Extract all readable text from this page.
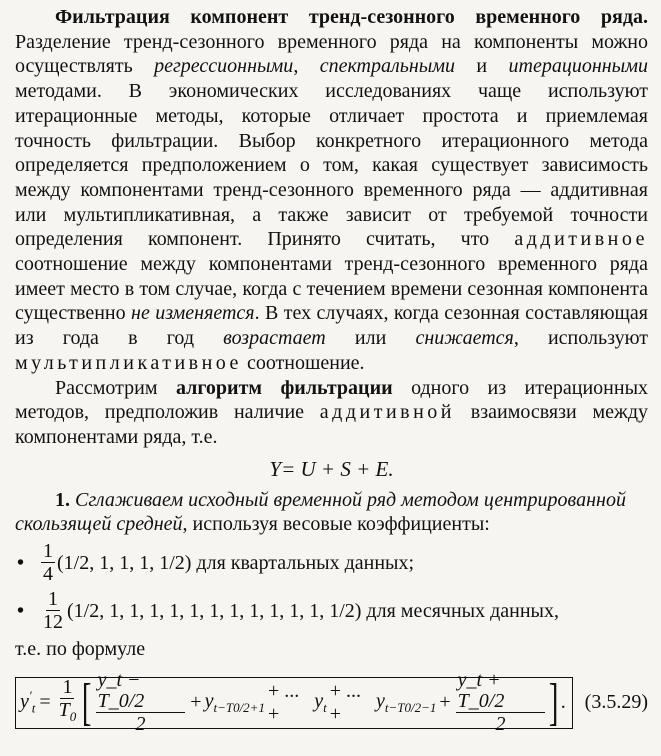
Фильтрация компонент тренд-сезонного временного ряда. Разделение тренд-сезонного временного ряда на компоненты можно осуществлять регрессионными, спектральными и итерационными методами. В экономических исследованиях чаще используют итерационные методы, которые отличает простота и приемлемая точность фильтрации. Выбор конкретного итерационного метода определяется предположением о том, какая существует зависимость между компонентами тренд-сезонного временного ряда — аддитивная или мультипликативная, а также зависит от требуемой точности определения компонент. Принято считать, что аддитивное соотношение между компонентами тренд-сезонного временного ряда имеет место в том случае, когда с течением времени сезонная компонента существенно не изменяется. В тех случаях, когда сезонная составляющая из года в год возрастает или снижается, используют мультипликативное соотношение.

Рассмотрим алгоритм фильтрации одного из итерационных методов, предположив наличие аддитивной взаимосвязи между компонентами ряда, т.е.

Y= U + S + E.

1. Сглаживаем исходный временной ряд методом центрированной скользящей средней, используя весовые коэффициенты:

• $\frac{1}{4} (1/2$, 1, 1, 1, 1/2) для квартальных данных;
• $\frac{1}{12} (1/2$, 1, 1, 1, 1, 1, 1, 1, 1, 1, 1, 1, 1/2) для месячных данных,

т.е. по формуле

$y'_t = \frac{1}{T_0}$ [ $\frac{y\_t - T\_0/2}{2} + y_{t-T0/2+1}$
+ ... +
$y_t$
+ ... +
$y_{t-T0/2-1} + \frac{y\_t + T\_0/2}{2}$ ] . (3.5.29)
